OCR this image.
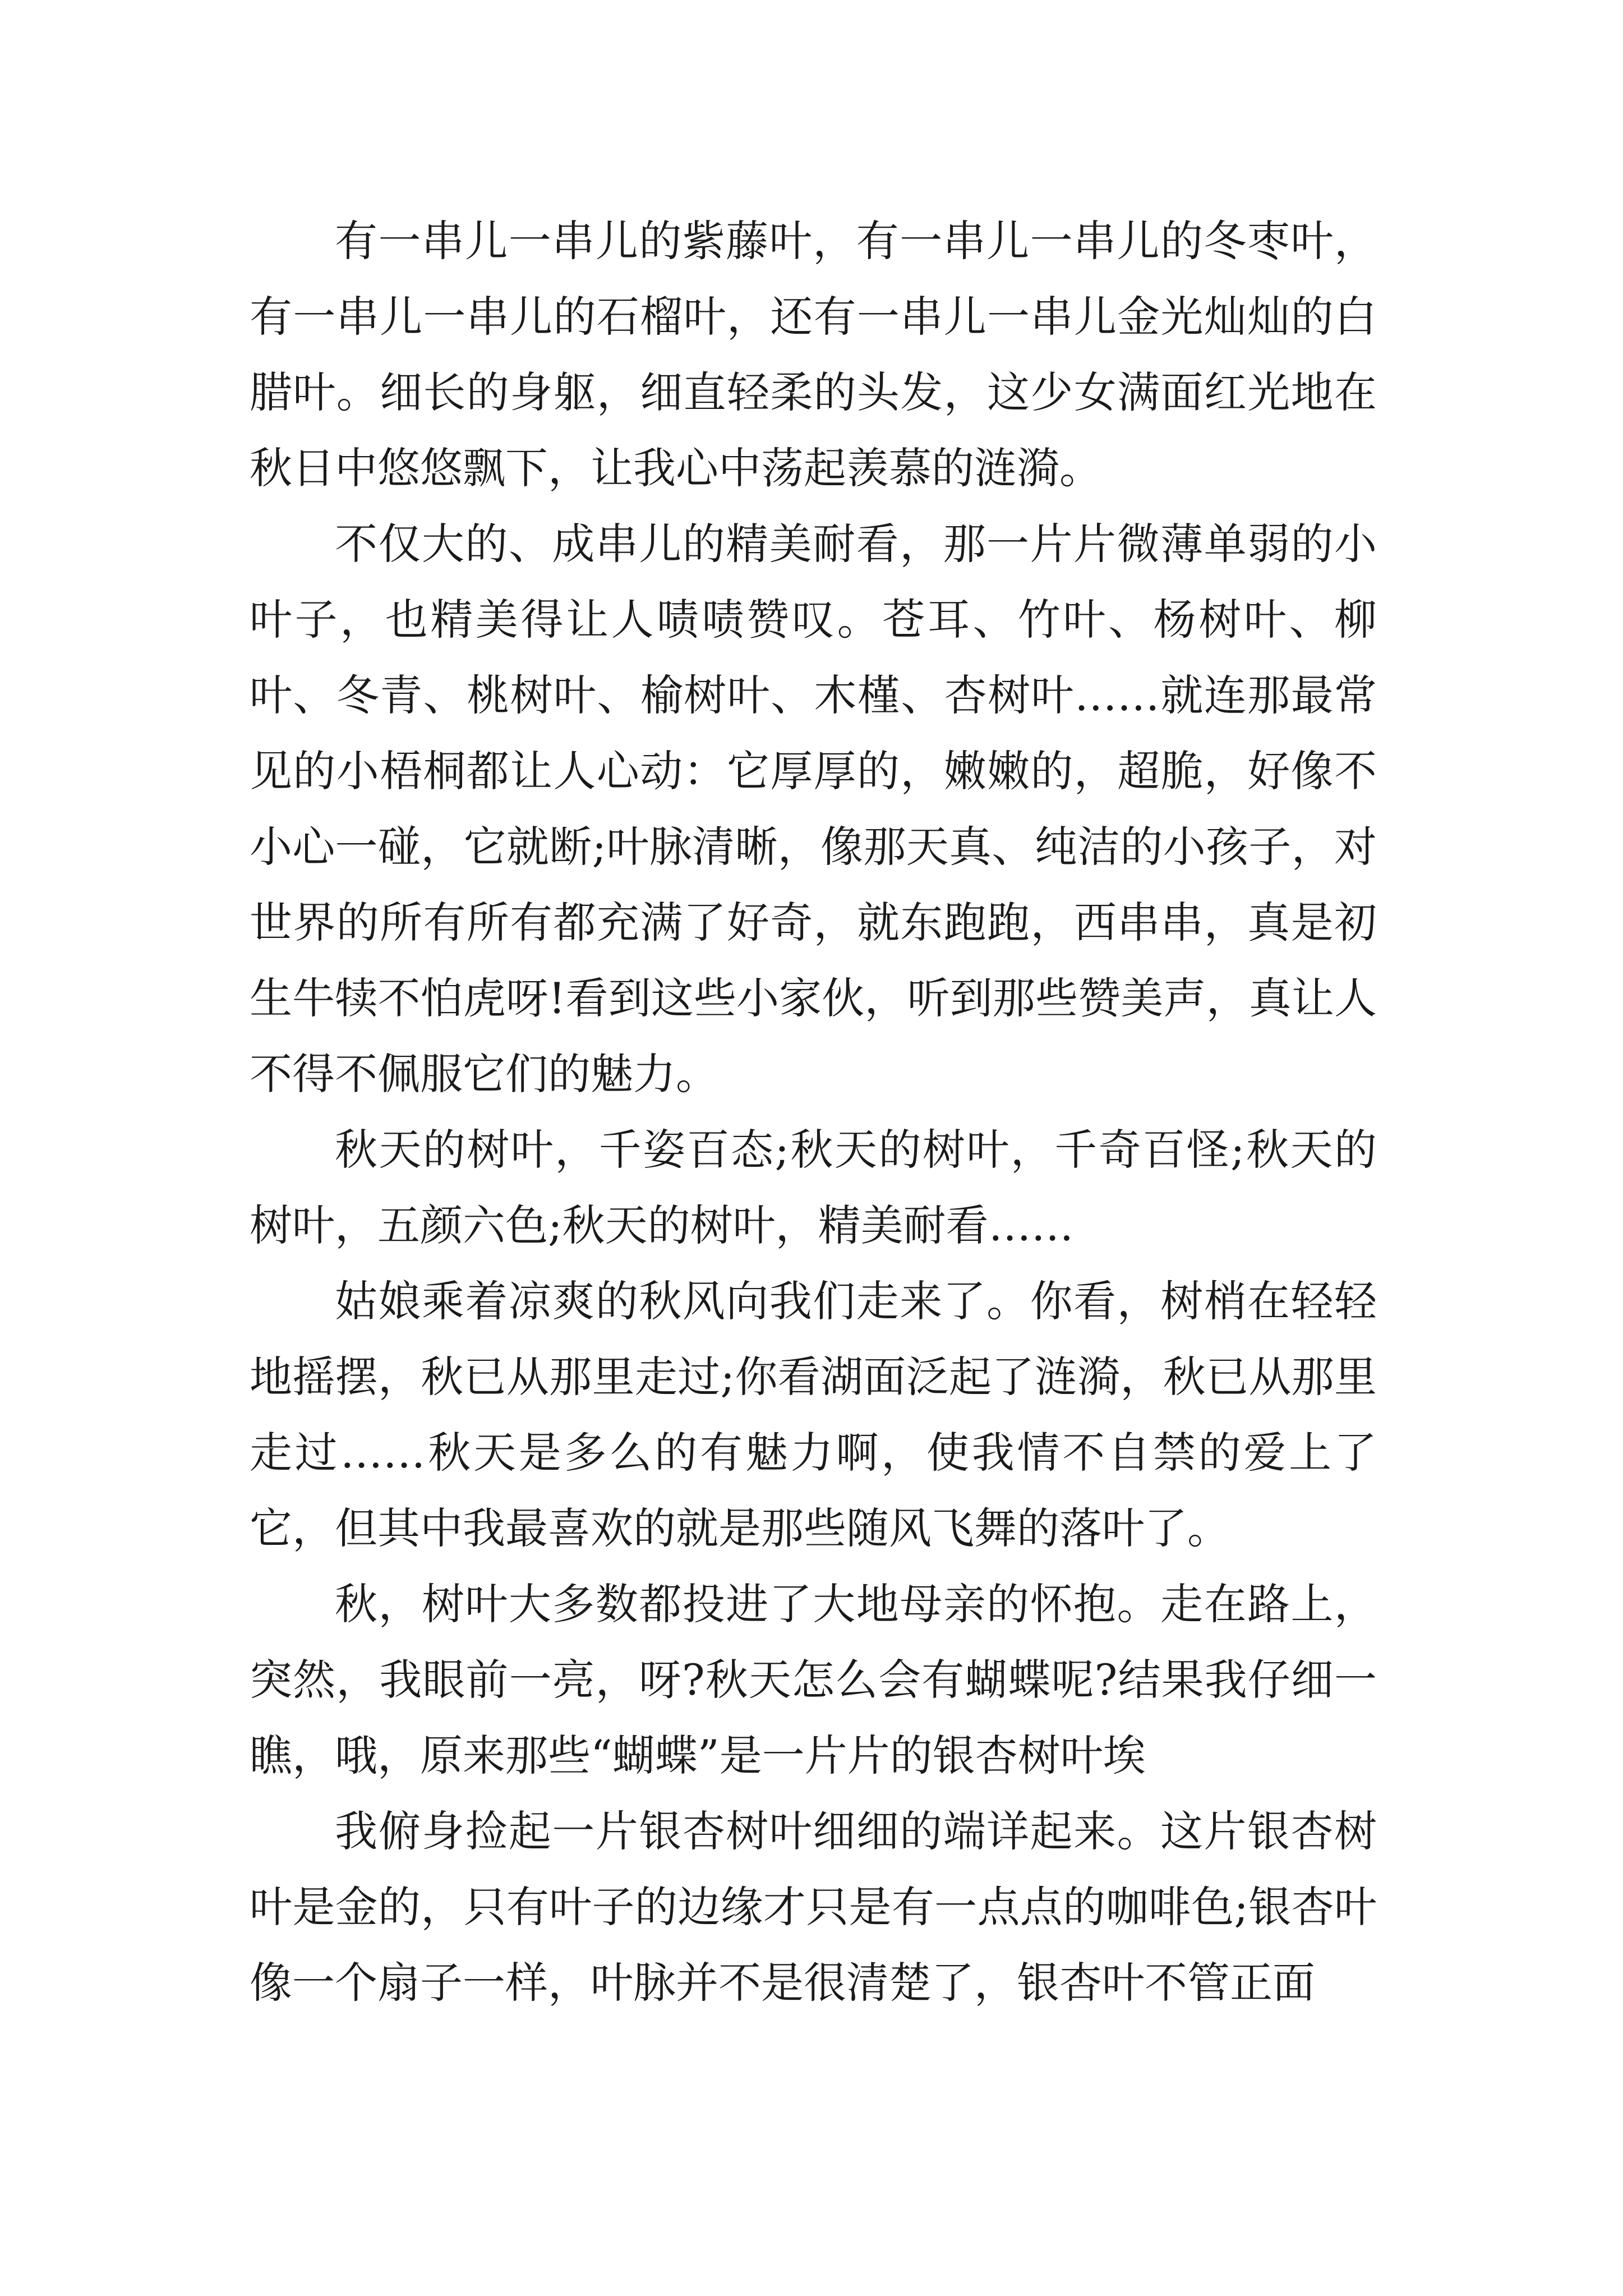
有一串儿一串儿的紫藤叶，有一串儿一串儿的冬枣叶，有一串儿一串儿的石榴叶，还有一串儿一串儿金光灿灿的白腊叶。细长的身躯，细直轻柔的头发，这少女满面红光地在秋日中悠悠飘下，让我心中荡起羡慕的涟漪。

不仅大的、成串儿的精美耐看，那一片片微薄单弱的小叶子，也精美得让人啧啧赞叹。苍耳、竹叶、杨树叶、柳叶、冬青、桃树叶、榆树叶、木槿、杏树叶……就连那最常见的小梧桐都让人心动：它厚厚的，嫩嫩的，超脆，好像不小心一碰，它就断;叶脉清晰，像那天真、纯洁的小孩子，对世界的所有所有都充满了好奇，就东跑跑，西串串，真是初生牛犊不怕虎呀!看到这些小家伙，听到那些赞美声，真让人不得不佩服它们的魅力。

秋天的树叶，千姿百态;秋天的树叶，千奇百怪;秋天的树叶，五颜六色;秋天的树叶，精美耐看……

姑娘乘着凉爽的秋风向我们走来了。你看，树梢在轻轻地摇摆，秋已从那里走过;你看湖面泛起了涟漪，秋已从那里走过……秋天是多么的有魅力啊，使我情不自禁的爱上了它，但其中我最喜欢的就是那些随风飞舞的落叶了。

秋，树叶大多数都投进了大地母亲的怀抱。走在路上，突然，我眼前一亮，呀?秋天怎么会有蝴蝶呢?结果我仔细一瞧，哦，原来那些“蝴蝶”是一片片的银杏树叶埃

我俯身捡起一片银杏树叶细细的端详起来。这片银杏树叶是金的，只有叶子的边缘才只是有一点点的咖啡色;银杏叶像一个扇子一样，叶脉并不是很清楚了，银杏叶不管正面
